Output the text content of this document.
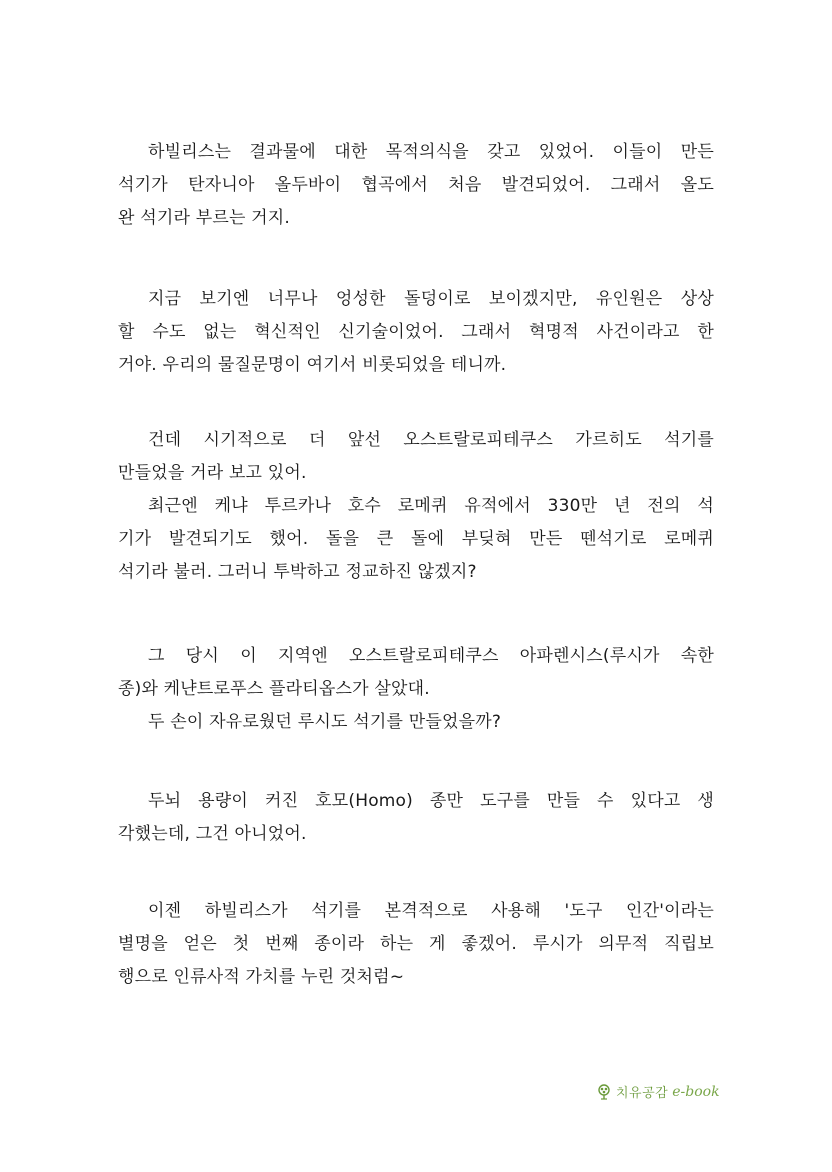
하빌리스는 결과물에 대한 목적의식을 갖고 있었어. 이들이 만든
석기가 탄자니아 올두바이 협곡에서 처음 발견되었어. 그래서 올도
완 석기라 부르는 거지.
지금 보기엔 너무나 엉성한 돌덩이로 보이겠지만, 유인원은 상상
할 수도 없는 혁신적인 신기술이었어. 그래서 혁명적 사건이라고 한
거야. 우리의 물질문명이 여기서 비롯되었을 테니까.
건데 시기적으로 더 앞선 오스트랄로피테쿠스 가르히도 석기를
만들었을 거라 보고 있어.
최근엔 케냐 투르카나 호수 로메퀴 유적에서 330만 년 전의 석
기가 발견되기도 했어. 돌을 큰 돌에 부딪혀 만든 뗀석기로 로메퀴
석기라 불러. 그러니 투박하고 정교하진 않겠지?
그 당시 이 지역엔 오스트랄로피테쿠스 아파렌시스(루시가 속한
종)와 케냔트로푸스 플라티옵스가 살았대.
두 손이 자유로웠던 루시도 석기를 만들었을까?
두뇌 용량이 커진 호모(Homo) 종만 도구를 만들 수 있다고 생
각했는데, 그건 아니었어.
이젠 하빌리스가 석기를 본격적으로 사용해 '도구 인간'이라는
별명을 얻은 첫 번째 종이라 하는 게 좋겠어. 루시가 의무적 직립보
행으로 인류사적 가치를 누린 것처럼~
치유공감 e-book
